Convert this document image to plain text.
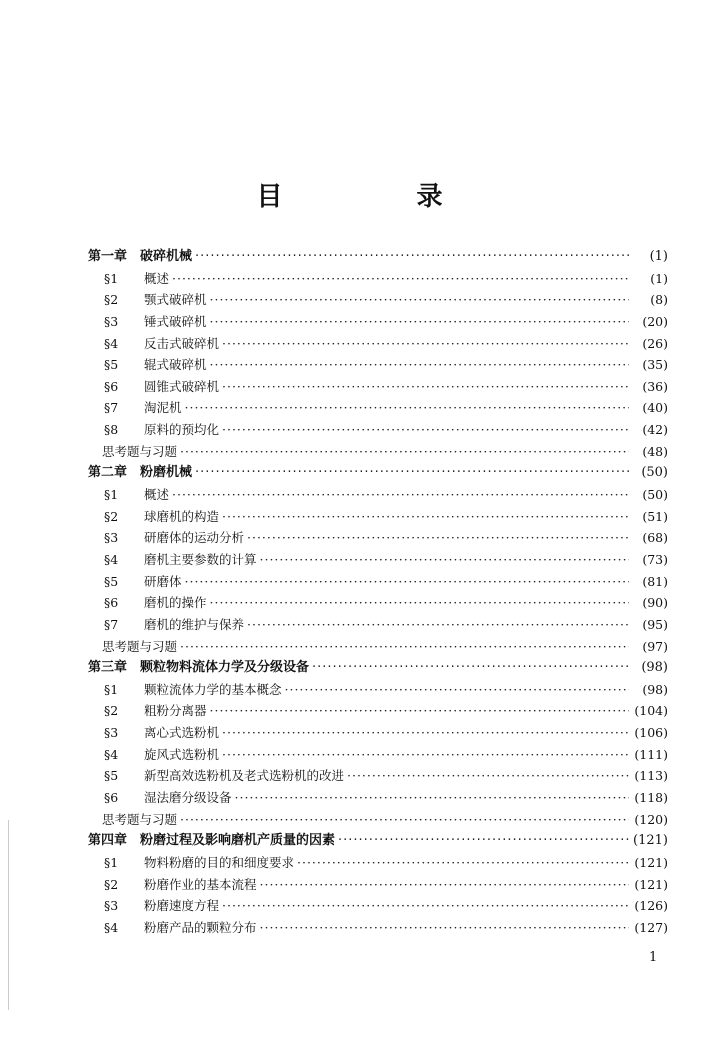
目　录
第一章 破碎机械 ·····	(1)
§1	概述 ·····	(1)
§2	颚式破碎机 ·····	(8)
§3	锤式破碎机 ·····	(20)
§4	反击式破碎机 ·····	(26)
§5	辊式破碎机 ·····	(35)
§6	圆锥式破碎机 ·····	(36)
§7	淘泥机 ·····	(40)
§8	原料的预均化 ·····	(42)
思考题与习题 ·····	(48)
第二章 粉磨机械 ·····	(50)
§1	概述 ·····	(50)
§2	球磨机的构造 ·····	(51)
§3	研磨体的运动分析 ·····	(68)
§4	磨机主要参数的计算 ·····	(73)
§5	研磨体 ·····	(81)
§6	磨机的操作 ·····	(90)
§7	磨机的维护与保养 ·····	(95)
思考题与习题 ·····	(97)
第三章 颗粒物料流体力学及分级设备 ·····	(98)
§1	颗粒流体力学的基本概念 ·····	(98)
§2	粗粉分离器 ·····	(104)
§3	离心式选粉机 ·····	(106)
§4	旋风式选粉机 ·····	(111)
§5	新型高效选粉机及老式选粉机的改进 ·····	(113)
§6	湿法磨分级设备 ·····	(118)
思考题与习题 ·····	(120)
第四章 粉磨过程及影响磨机产质量的因素 ·····	(121)
§1	物料粉磨的目的和细度要求 ·····	(121)
§2	粉磨作业的基本流程 ·····	(121)
§3	粉磨速度方程 ·····	(126)
§4	粉磨产品的颗粒分布 ·····	(127)
1
